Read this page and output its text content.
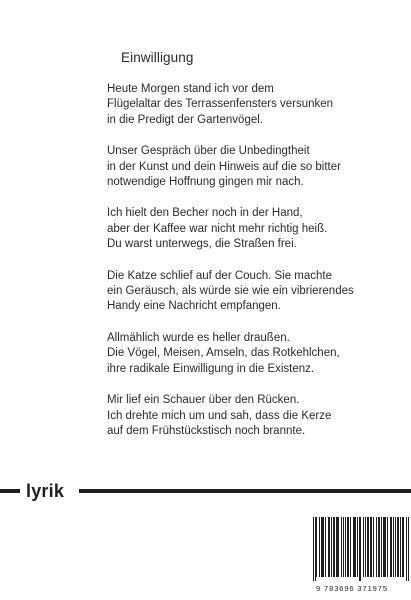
Einwilligung
Heute Morgen stand ich vor dem
Flügelaltar des Terrassenfensters versunken
in die Predigt der Gartenvögel.
Unser Gespräch über die Unbedingtheit
in der Kunst und dein Hinweis auf die so bitter
notwendige Hoffnung gingen mir nach.
Ich hielt den Becher noch in der Hand,
aber der Kaffee war nicht mehr richtig heiß.
Du warst unterwegs, die Straßen frei.
Die Katze schlief auf der Couch. Sie machte
ein Geräusch, als würde sie wie ein vibrierendes
Handy eine Nachricht empfangen.
Allmählich wurde es heller draußen.
Die Vögel, Meisen, Amseln, das Rotkehlchen,
ihre radikale Einwilligung in die Existenz.
Mir lief ein Schauer über den Rücken.
Ich drehte mich um und sah, dass die Kerze
auf dem Frühstückstisch noch brannte.
lyrik
9 783696 371975
